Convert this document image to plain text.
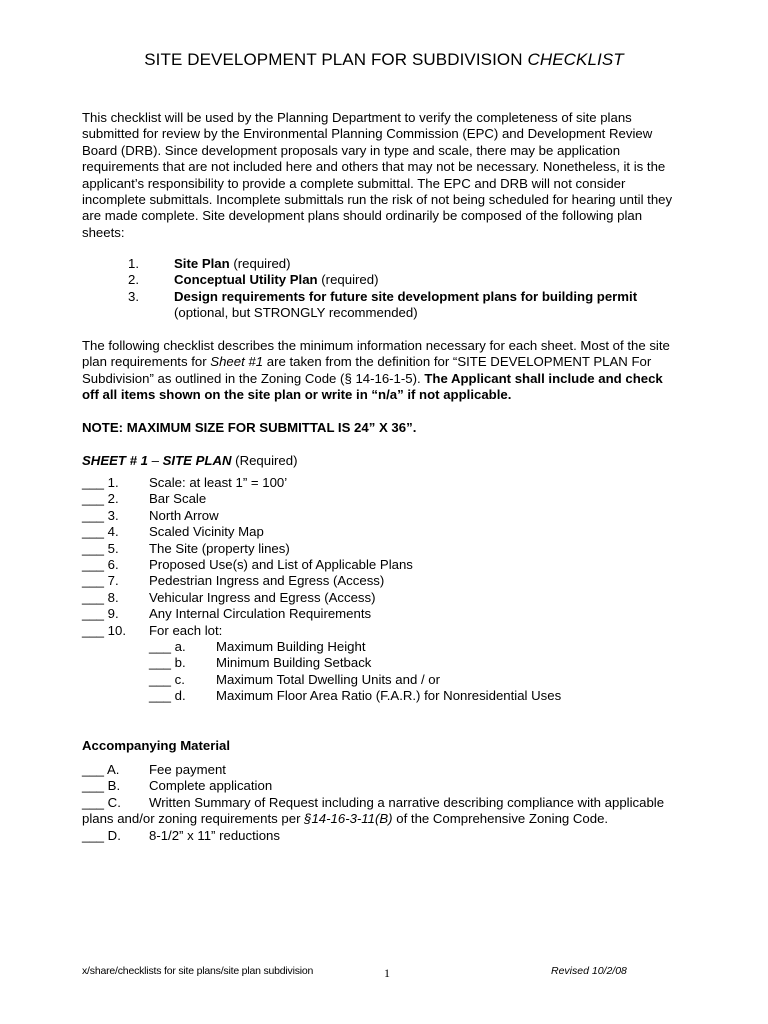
SITE DEVELOPMENT PLAN FOR SUBDIVISION CHECKLIST
This checklist will be used by the Planning Department to verify the completeness of site plans submitted for review by the Environmental Planning Commission (EPC) and Development Review Board (DRB). Since development proposals vary in type and scale, there may be application requirements that are not included here and others that may not be necessary. Nonetheless, it is the applicant’s responsibility to provide a complete submittal. The EPC and DRB will not consider incomplete submittals. Incomplete submittals run the risk of not being scheduled for hearing until they are made complete. Site development plans should ordinarily be composed of the following plan sheets:
1.	Site Plan (required)
2.	Conceptual Utility Plan (required)
3.	Design requirements for future site development plans for building permit
(optional, but STRONGLY recommended)
The following checklist describes the minimum information necessary for each sheet. Most of the site plan requirements for Sheet #1 are taken from the definition for “SITE DEVELOPMENT PLAN For Subdivision” as outlined in the Zoning Code (§ 14-16-1-5). The Applicant shall include and check off all items shown on the site plan or write in “n/a” if not applicable.
NOTE: MAXIMUM SIZE FOR SUBMITTAL IS 24” X 36”.
SHEET # 1 – SITE PLAN (Required)
___ 1.	Scale: at least 1” = 100’
___ 2.	Bar Scale
___ 3.	North Arrow
___ 4.	Scaled Vicinity Map
___ 5.	The Site (property lines)
___ 6.	Proposed Use(s) and List of Applicable Plans
___ 7.	Pedestrian Ingress and Egress (Access)
___ 8.	Vehicular Ingress and Egress (Access)
___ 9.	Any Internal Circulation Requirements
___ 10.	For each lot:
___ a.	Maximum Building Height
___ b.	Minimum Building Setback
___ c.	Maximum Total Dwelling Units and / or
___ d.	Maximum Floor Area Ratio (F.A.R.) for Nonresidential Uses
Accompanying Material
___ A.	Fee payment
___ B.	Complete application
___ C. Written Summary of Request including a narrative describing compliance with applicable plans and/or zoning requirements per §14-16-3-11(B) of the Comprehensive Zoning Code.
___ D.	8-1/2” x 11” reductions
x/share/checklists for site plans/site plan subdivision	1	Revised 10/2/08
